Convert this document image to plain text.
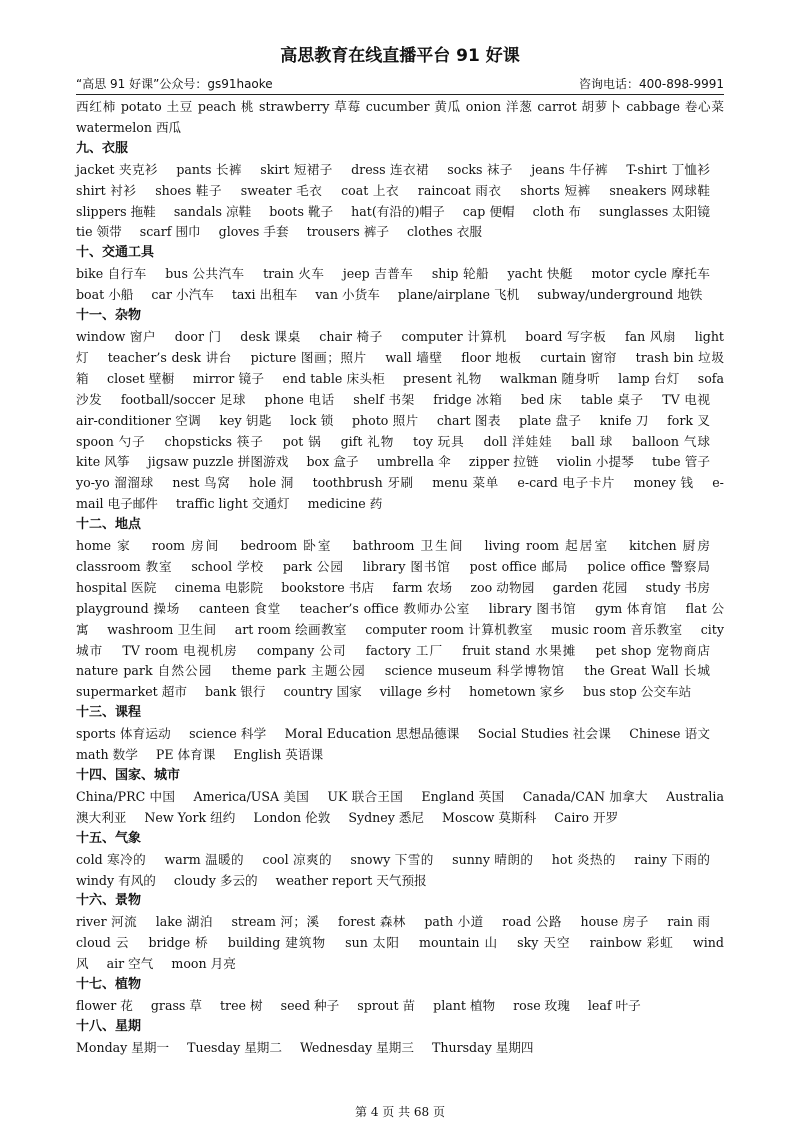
高思教育在线直播平台 91 好课
“高思 91 好课”公众号：gs91haoke	咨询电话：400-898-9991
西红柿 potato 土豆 peach 桃 strawberry 草莓 cucumber 黄瓜 onion 洋葱 carrot 胡萝卜 cabbage 卷心菜 watermelon 西瓜
九、衣服
jacket 夹克衫 pants 长裤 skirt 短裙子 dress 连衣裙 socks 袜子 jeans 牛仔裤 T-shirt 丁恤衫 shirt 衬衫 shoes 鞋子 sweater 毛衣 coat 上衣 raincoat 雨衣 shorts 短裤 sneakers 网球鞋 slippers 拖鞋 sandals 凉鞋 boots 靴子 hat(有沿的)帽子 cap 便帽 cloth 布 sunglasses 太阳镜 tie 领带 scarf 围巾 gloves 手套 trousers 裤子 clothes 衣服
十、交通工具
bike 自行车 bus 公共汽车 train 火车 jeep 吉普车 ship 轮船 yacht 快艇 motor cycle 摩托车 boat 小船 car 小汽车 taxi 出租车 van 小货车 plane/airplane 飞机 subway/underground 地铁
十一、杂物
window 窗户 door 门 desk 课桌 chair 椅子 computer 计算机 board 写字板 fan 风扇 light 灯 teacher’s desk 讲台 picture 图画；照片 wall 墙壁 floor 地板 curtain 窗帘 trash bin 垃圾箱 closet 壁橱 mirror 镜子 end table 床头柜 present 礼物 walkman 随身听 lamp 台灯 sofa 沙发 football/soccer 足球 phone 电话 shelf 书架 fridge 冰箱 bed 床 table 桌子 TV 电视 air-conditioner 空调 key 钥匙 lock 锁 photo 照片 chart 图表 plate 盘子 knife 刀 fork 叉 spoon 勺子 chopsticks 筷子 pot 锅 gift 礼物 toy 玩具 doll 洋娃娃 ball 球 balloon 气球 kite 风筝 jigsaw puzzle 拼图游戏 box 盒子 umbrella 伞 zipper 拉链 violin 小提琴 tube 管子 yo-yo 溜溜球 nest 鸟窝 hole 洞 toothbrush 牙刷 menu 菜单 e-card 电子卡片 money 钱 e-mail 电子邮件 traffic light 交通灯 medicine 药
十二、地点
home 家 room 房间 bedroom 卧室 bathroom 卫生间 living room 起居室 kitchen 厨房 classroom 教室 school 学校 park 公园 library 图书馆 post office 邮局 police office 警察局 hospital 医院 cinema 电影院 bookstore 书店 farm 农场 zoo 动物园 garden 花园 study 书房 playground 操场 canteen 食堂 teacher’s office 教师办公室 library 图书馆 gym 体育馆 flat 公寓 washroom 卫生间 art room 绘画教室 computer room 计算机教室 music room 音乐教室 city 城市 TV room 电视机房 company 公司 factory 工厂 fruit stand 水果摊 pet shop 宠物商店 nature park 自然公园 theme park 主题公园 science museum 科学博物馆 the Great Wall 长城 supermarket 超市 bank 银行 country 国家 village 乡村 hometown 家乡 bus stop 公交车站
十三、课程
sports 体育运动 science 科学 Moral Education 思想品德课 Social Studies 社会课 Chinese 语文 math 数学 PE 体育课 English 英语课
十四、国家、城市
China/PRC 中国 America/USA 美国 UK 联合王国 England 英国 Canada/CAN 加拿大 Australia 澳大利亚 New York 纽约 London 伦敦 Sydney 悉尼 Moscow 莫斯科 Cairo 开罗
十五、气象
cold 寒冷的 warm 温暖的 cool 凉爽的 snowy 下雪的 sunny 晴朗的 hot 炎热的 rainy 下雨的 windy 有风的 cloudy 多云的 weather report 天气预报
十六、景物
river 河流 lake 湖泊 stream 河；溪 forest 森林 path 小道 road 公路 house 房子 rain 雨 cloud 云 bridge 桥 building 建筑物 sun 太阳 mountain 山 sky 天空 rainbow 彩虹 wind 风 air 空气 moon 月亮
十七、植物
flower 花 grass 草 tree 树 seed 种子 sprout 苗 plant 植物 rose 玫瑰 leaf 叶子
十八、星期
Monday 星期一 Tuesday 星期二 Wednesday 星期三 Thursday 星期四
第 4 页 共 68 页
